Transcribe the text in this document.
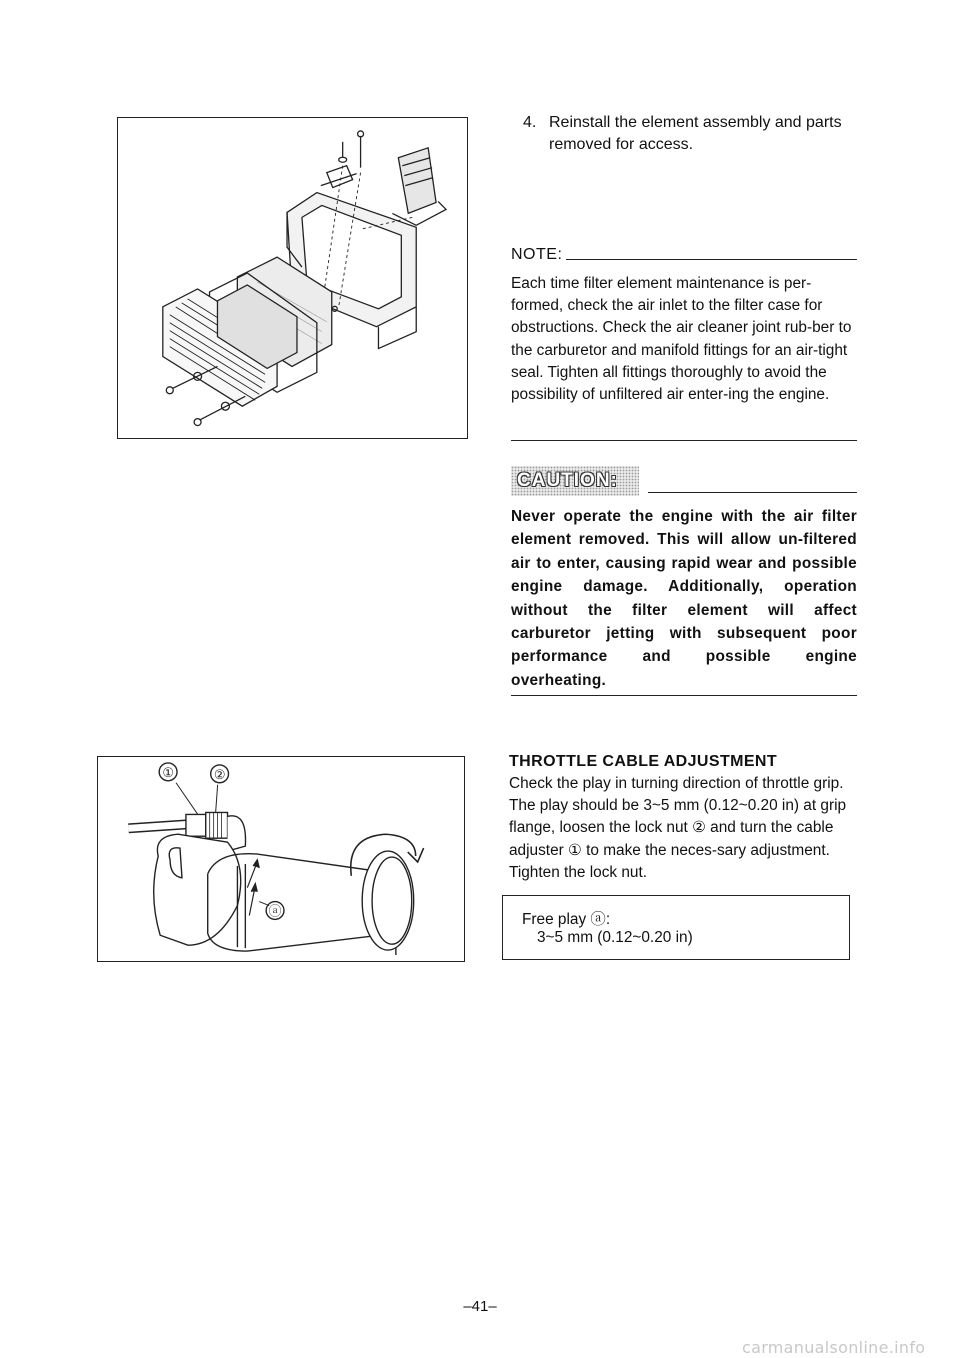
4. Reinstall the element assembly and parts removed for access.
NOTE:
Each time filter element maintenance is per-formed, check the air inlet to the filter case for obstructions. Check the air cleaner joint rub-ber to the carburetor and manifold fittings for an air-tight seal. Tighten all fittings thoroughly to avoid the possibility of unfiltered air enter-ing the engine.
CAUTION:
Never operate the engine with the air filter element removed. This will allow un-filtered air to enter, causing rapid wear and possible engine damage. Additionally, operation without the filter element will affect carburetor jetting with subsequent poor performance and possible engine overheating.
①	②
ⓐ
THROTTLE CABLE ADJUSTMENT
Check the play in turning direction of throttle grip. The play should be 3~5 mm (0.12~0.20 in) at grip flange, loosen the lock nut ② and turn the cable adjuster ① to make the neces-sary adjustment. Tighten the lock nut.
Free play ⓐ:
3~5 mm (0.12~0.20 in)
–41–
carmanualsonline.info
